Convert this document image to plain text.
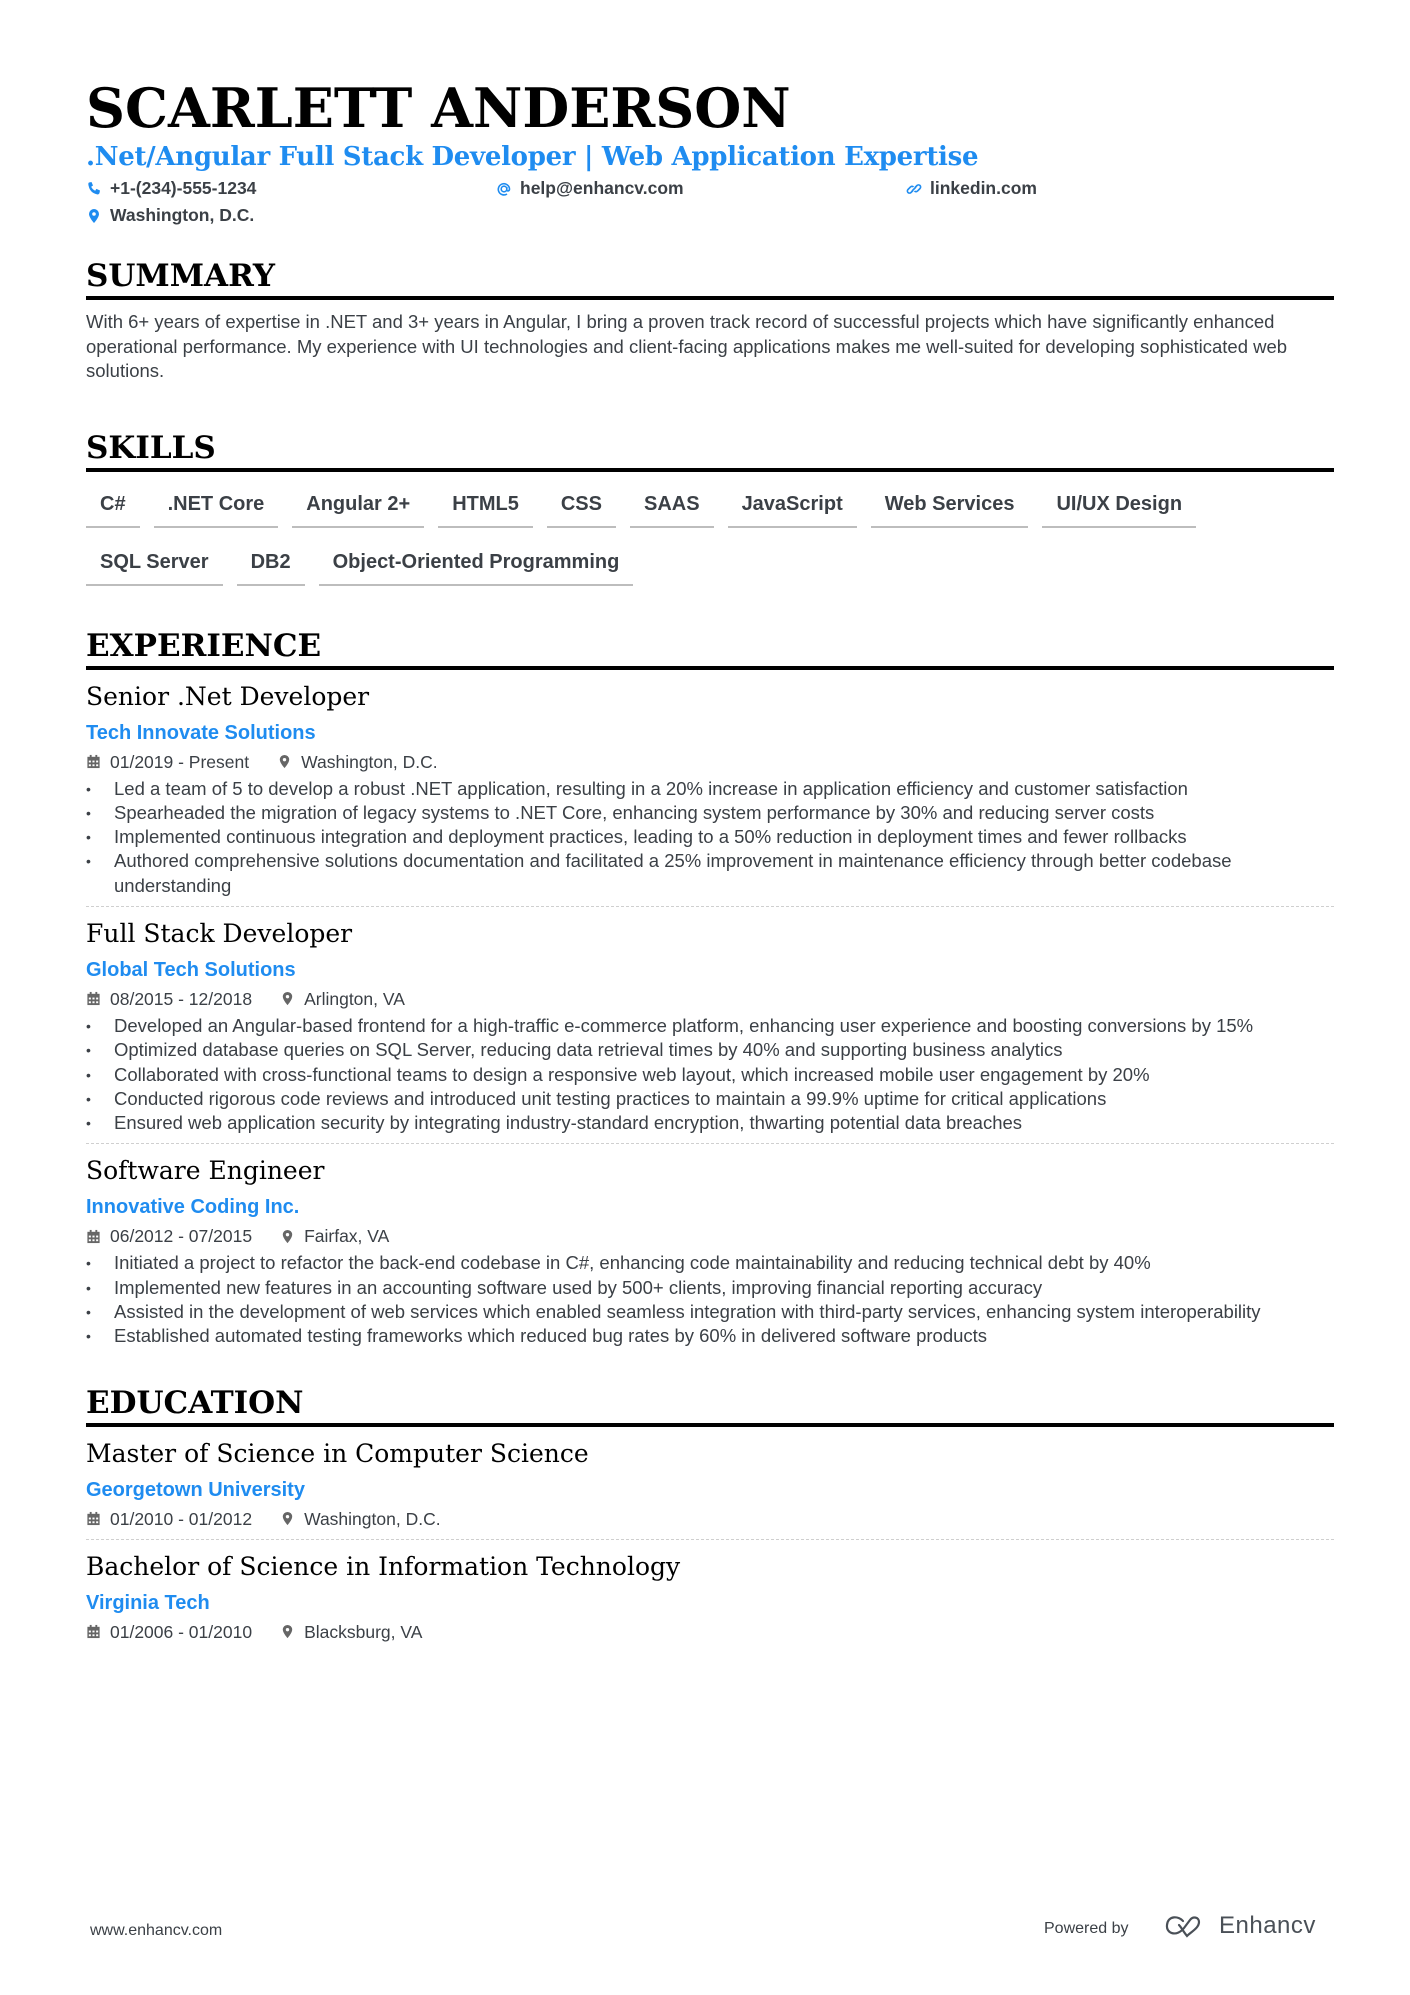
SCARLETT ANDERSON
.Net/Angular Full Stack Developer | Web Application Expertise
+1-(234)-555-1234	help@enhancv.com	linkedin.com
Washington, D.C.
SUMMARY

With 6+ years of expertise in .NET and 3+ years in Angular, I bring a proven track record of successful projects which have significantly enhanced operational performance. My experience with UI technologies and client-facing applications makes me well-suited for developing sophisticated web solutions.

SKILLS
C#	.NET Core	Angular 2+	HTML5	CSS	SAAS	JavaScript	Web Services	UI/UX Design
SQL Server	DB2	Object-Oriented Programming
EXPERIENCE
Senior .Net Developer
Tech Innovate Solutions
01/2019 - Present	Washington, D.C.
• Led a team of 5 to develop a robust .NET application, resulting in a 20% increase in application efficiency and customer satisfaction
• Spearheaded the migration of legacy systems to .NET Core, enhancing system performance by 30% and reducing server costs
• Implemented continuous integration and deployment practices, leading to a 50% reduction in deployment times and fewer rollbacks
• Authored comprehensive solutions documentation and facilitated a 25% improvement in maintenance efficiency through better codebase understanding
Full Stack Developer
Global Tech Solutions
08/2015 - 12/2018	Arlington, VA
• Developed an Angular-based frontend for a high-traffic e-commerce platform, enhancing user experience and boosting conversions by 15%
• Optimized database queries on SQL Server, reducing data retrieval times by 40% and supporting business analytics
• Collaborated with cross-functional teams to design a responsive web layout, which increased mobile user engagement by 20%
• Conducted rigorous code reviews and introduced unit testing practices to maintain a 99.9% uptime for critical applications
• Ensured web application security by integrating industry-standard encryption, thwarting potential data breaches
Software Engineer
Innovative Coding Inc.
06/2012 - 07/2015	Fairfax, VA
• Initiated a project to refactor the back-end codebase in C#, enhancing code maintainability and reducing technical debt by 40%
• Implemented new features in an accounting software used by 500+ clients, improving financial reporting accuracy
• Assisted in the development of web services which enabled seamless integration with third-party services, enhancing system interoperability
• Established automated testing frameworks which reduced bug rates by 60% in delivered software products
EDUCATION
Master of Science in Computer Science
Georgetown University
01/2010 - 01/2012	Washington, D.C.
Bachelor of Science in Information Technology
Virginia Tech
01/2006 - 01/2010	Blacksburg, VA
www.enhancv.com	Powered by	Enhancv
